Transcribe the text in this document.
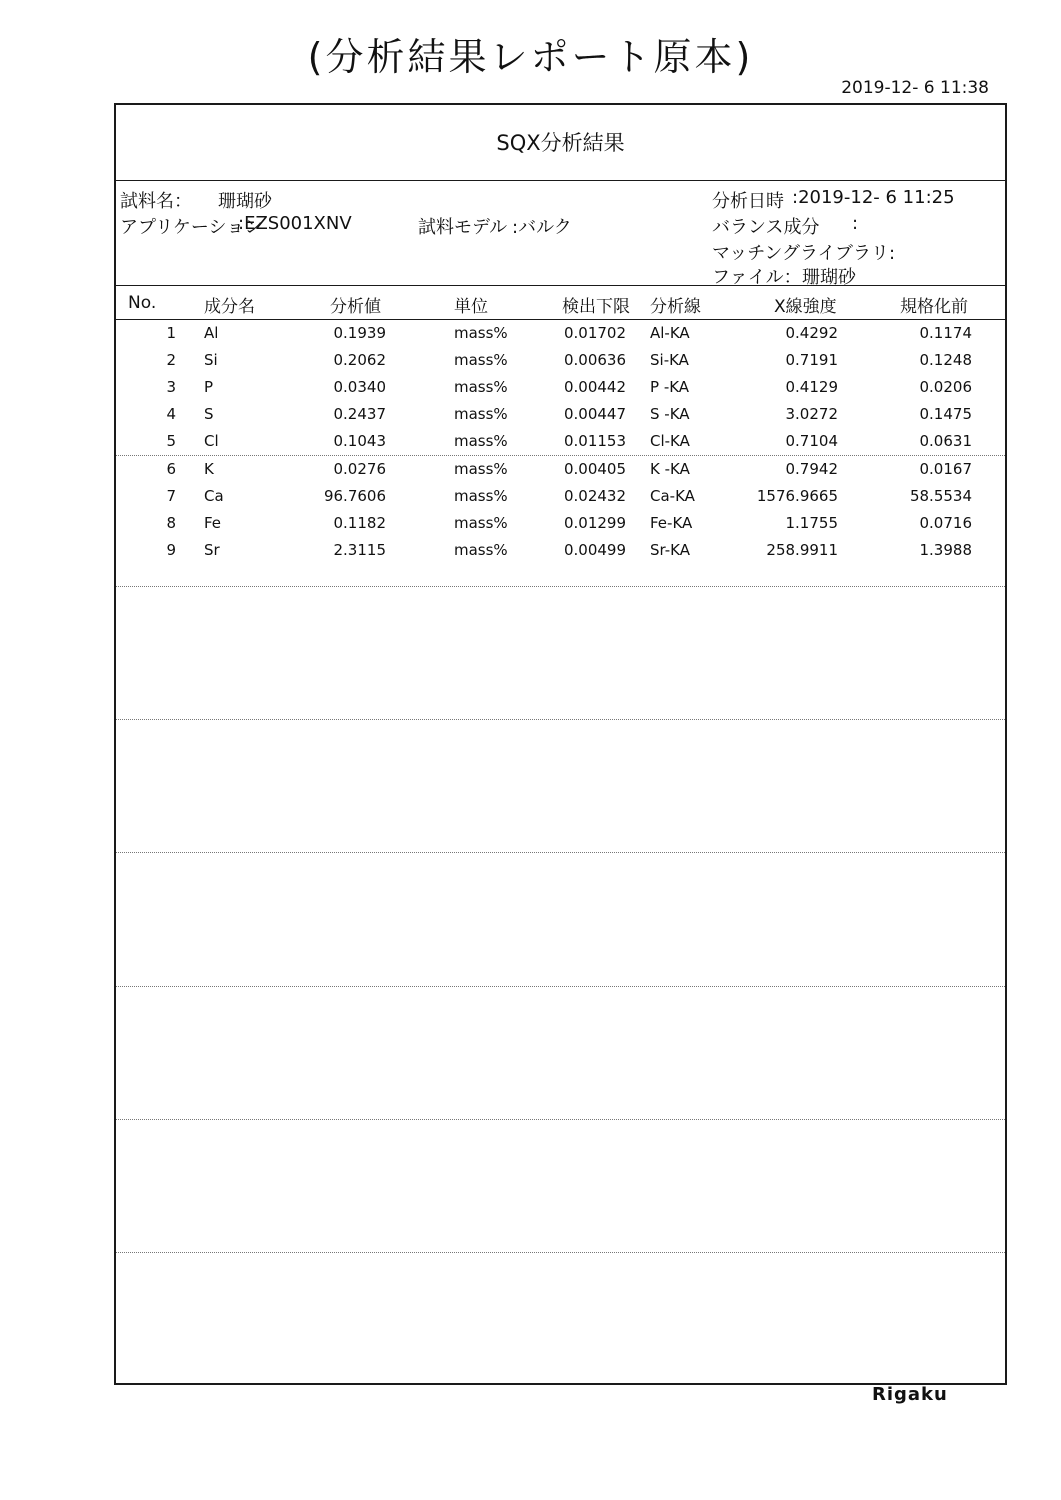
(分析結果レポート原本)
2019-12- 6 11:38
SQX分析結果
試料名： 珊瑚砂
アプリケーション
:EZS001XNV	試料モデル :バルク
分析日時 :2019-12- 6 11:25
バランス成分 :
マッチングライブラリ:
ファイル： 珊瑚砂
No.	成分名	分析値	単位	検出下限 分析線	X線強度	規格化前
1 Al	0.1939	mass%	0.01702 Al-KA	0.4292	0.1174
2 Si	0.2062	mass%	0.00636 Si-KA	0.7191	0.1248
3 P	0.0340	mass%	0.00442 P -KA	0.4129	0.0206
4 S	0.2437	mass%	0.00447 S -KA	3.0272	0.1475
5 Cl	0.1043	mass%	0.01153 Cl-KA	0.7104	0.0631
6 K	0.0276	mass%	0.00405 K -KA	0.7942	0.0167
7 Ca	96.7606	mass%	0.02432 Ca-KA	1576.9665	58.5534
8 Fe	0.1182	mass%	0.01299 Fe-KA	1.1755	0.0716
9 Sr	2.3115	mass%	0.00499 Sr-KA	258.9911	1.3988
Rigaku
